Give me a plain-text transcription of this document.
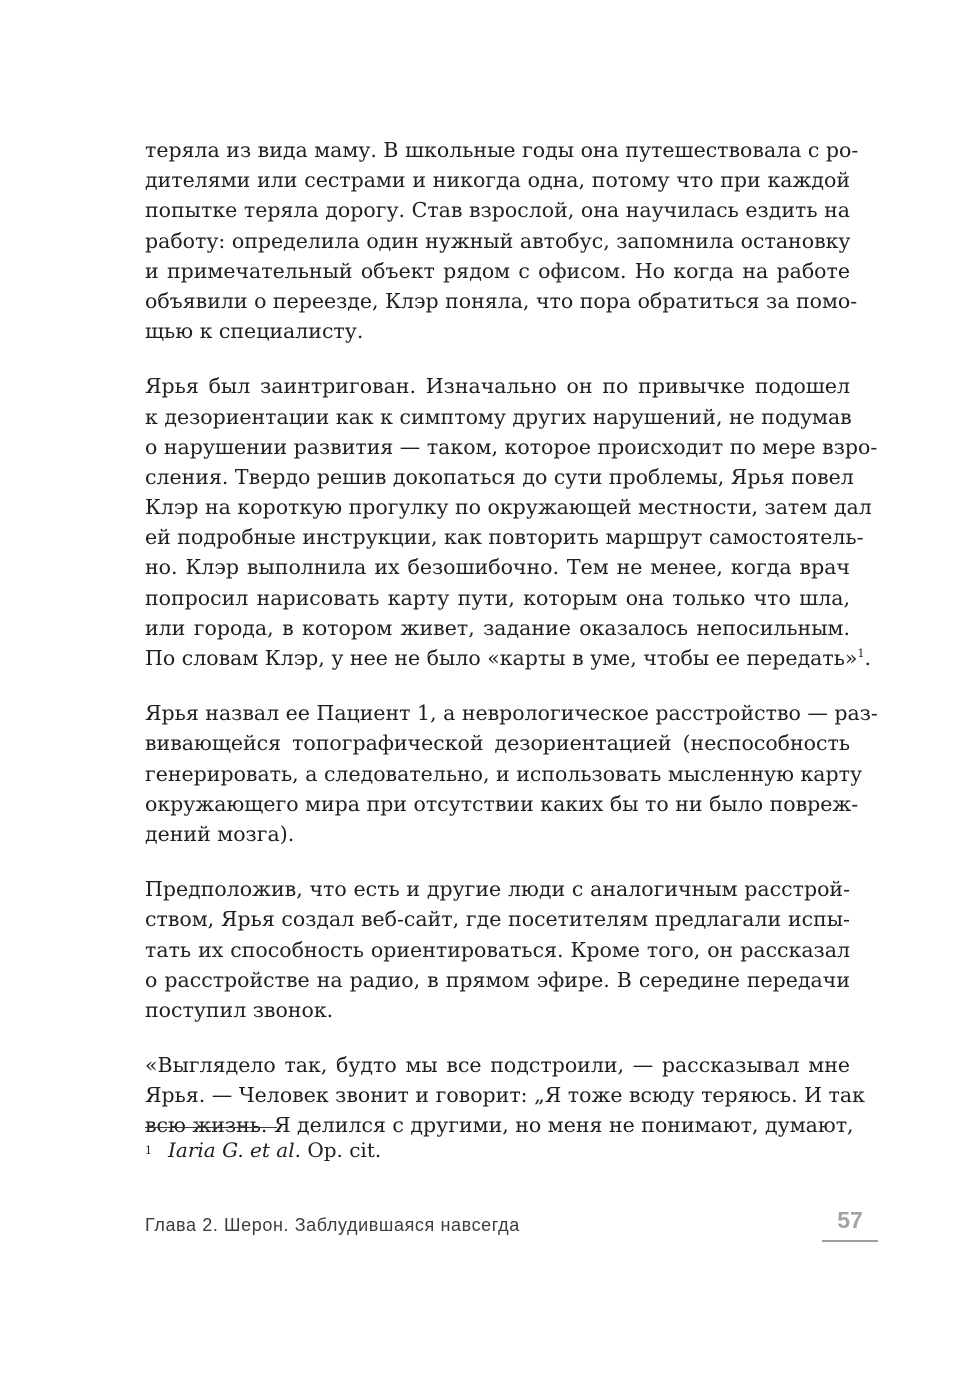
теряла из вида маму. В школьные годы она путешествовала с ро-
дителями или сестрами и никогда одна, потому что при каждой
попытке теряла дорогу. Став взрослой, она научилась ездить на
работу: определила один нужный автобус, запомнила остановку
и примечательный объект рядом с офисом. Но когда на работе
объявили о переезде, Клэр поняла, что пора обратиться за помо-
щью к специалисту.

Ярья был заинтригован. Изначально он по привычке подошел
к дезориентации как к симптому других нарушений, не подумав
о нарушении развития — таком, которое происходит по мере взро-
сления. Твердо решив докопаться до сути проблемы, Ярья повел
Клэр на короткую прогулку по окружающей местности, затем дал
ей подробные инструкции, как повторить маршрут самостоятель-
но. Клэр выполнила их безошибочно. Тем не менее, когда врач
попросил нарисовать карту пути, которым она только что шла,
или города, в котором живет, задание оказалось непосильным.
По словам Клэр, у нее не было «карты в уме, чтобы ее передать»$^1$.

Ярья назвал ее Пациент 1, а неврологическое расстройство — раз-
вивающейся топографической дезориентацией (неспособность
генерировать, а следовательно, и использовать мысленную карту
окружающего мира при отсутствии каких бы то ни было повреж-
дений мозга).

Предположив, что есть и другие люди с аналогичным расстрой-
ством, Ярья создал веб-сайт, где посетителям предлагали испы-
тать их способность ориентироваться. Кроме того, он рассказал
о расстройстве на радио, в прямом эфире. В середине передачи
поступил звонок.

«Выглядело так, будто мы все подстроили, — рассказывал мне
Ярья. — Человек звонит и говорит: „Я тоже всюду теряюсь. И так
всю жизнь. Я делился с другими, но меня не понимают, думают,

$^1$ Iaria G. et al. Op. cit.
Глава 2. Шерон. Заблудившаяся навсегда	57
